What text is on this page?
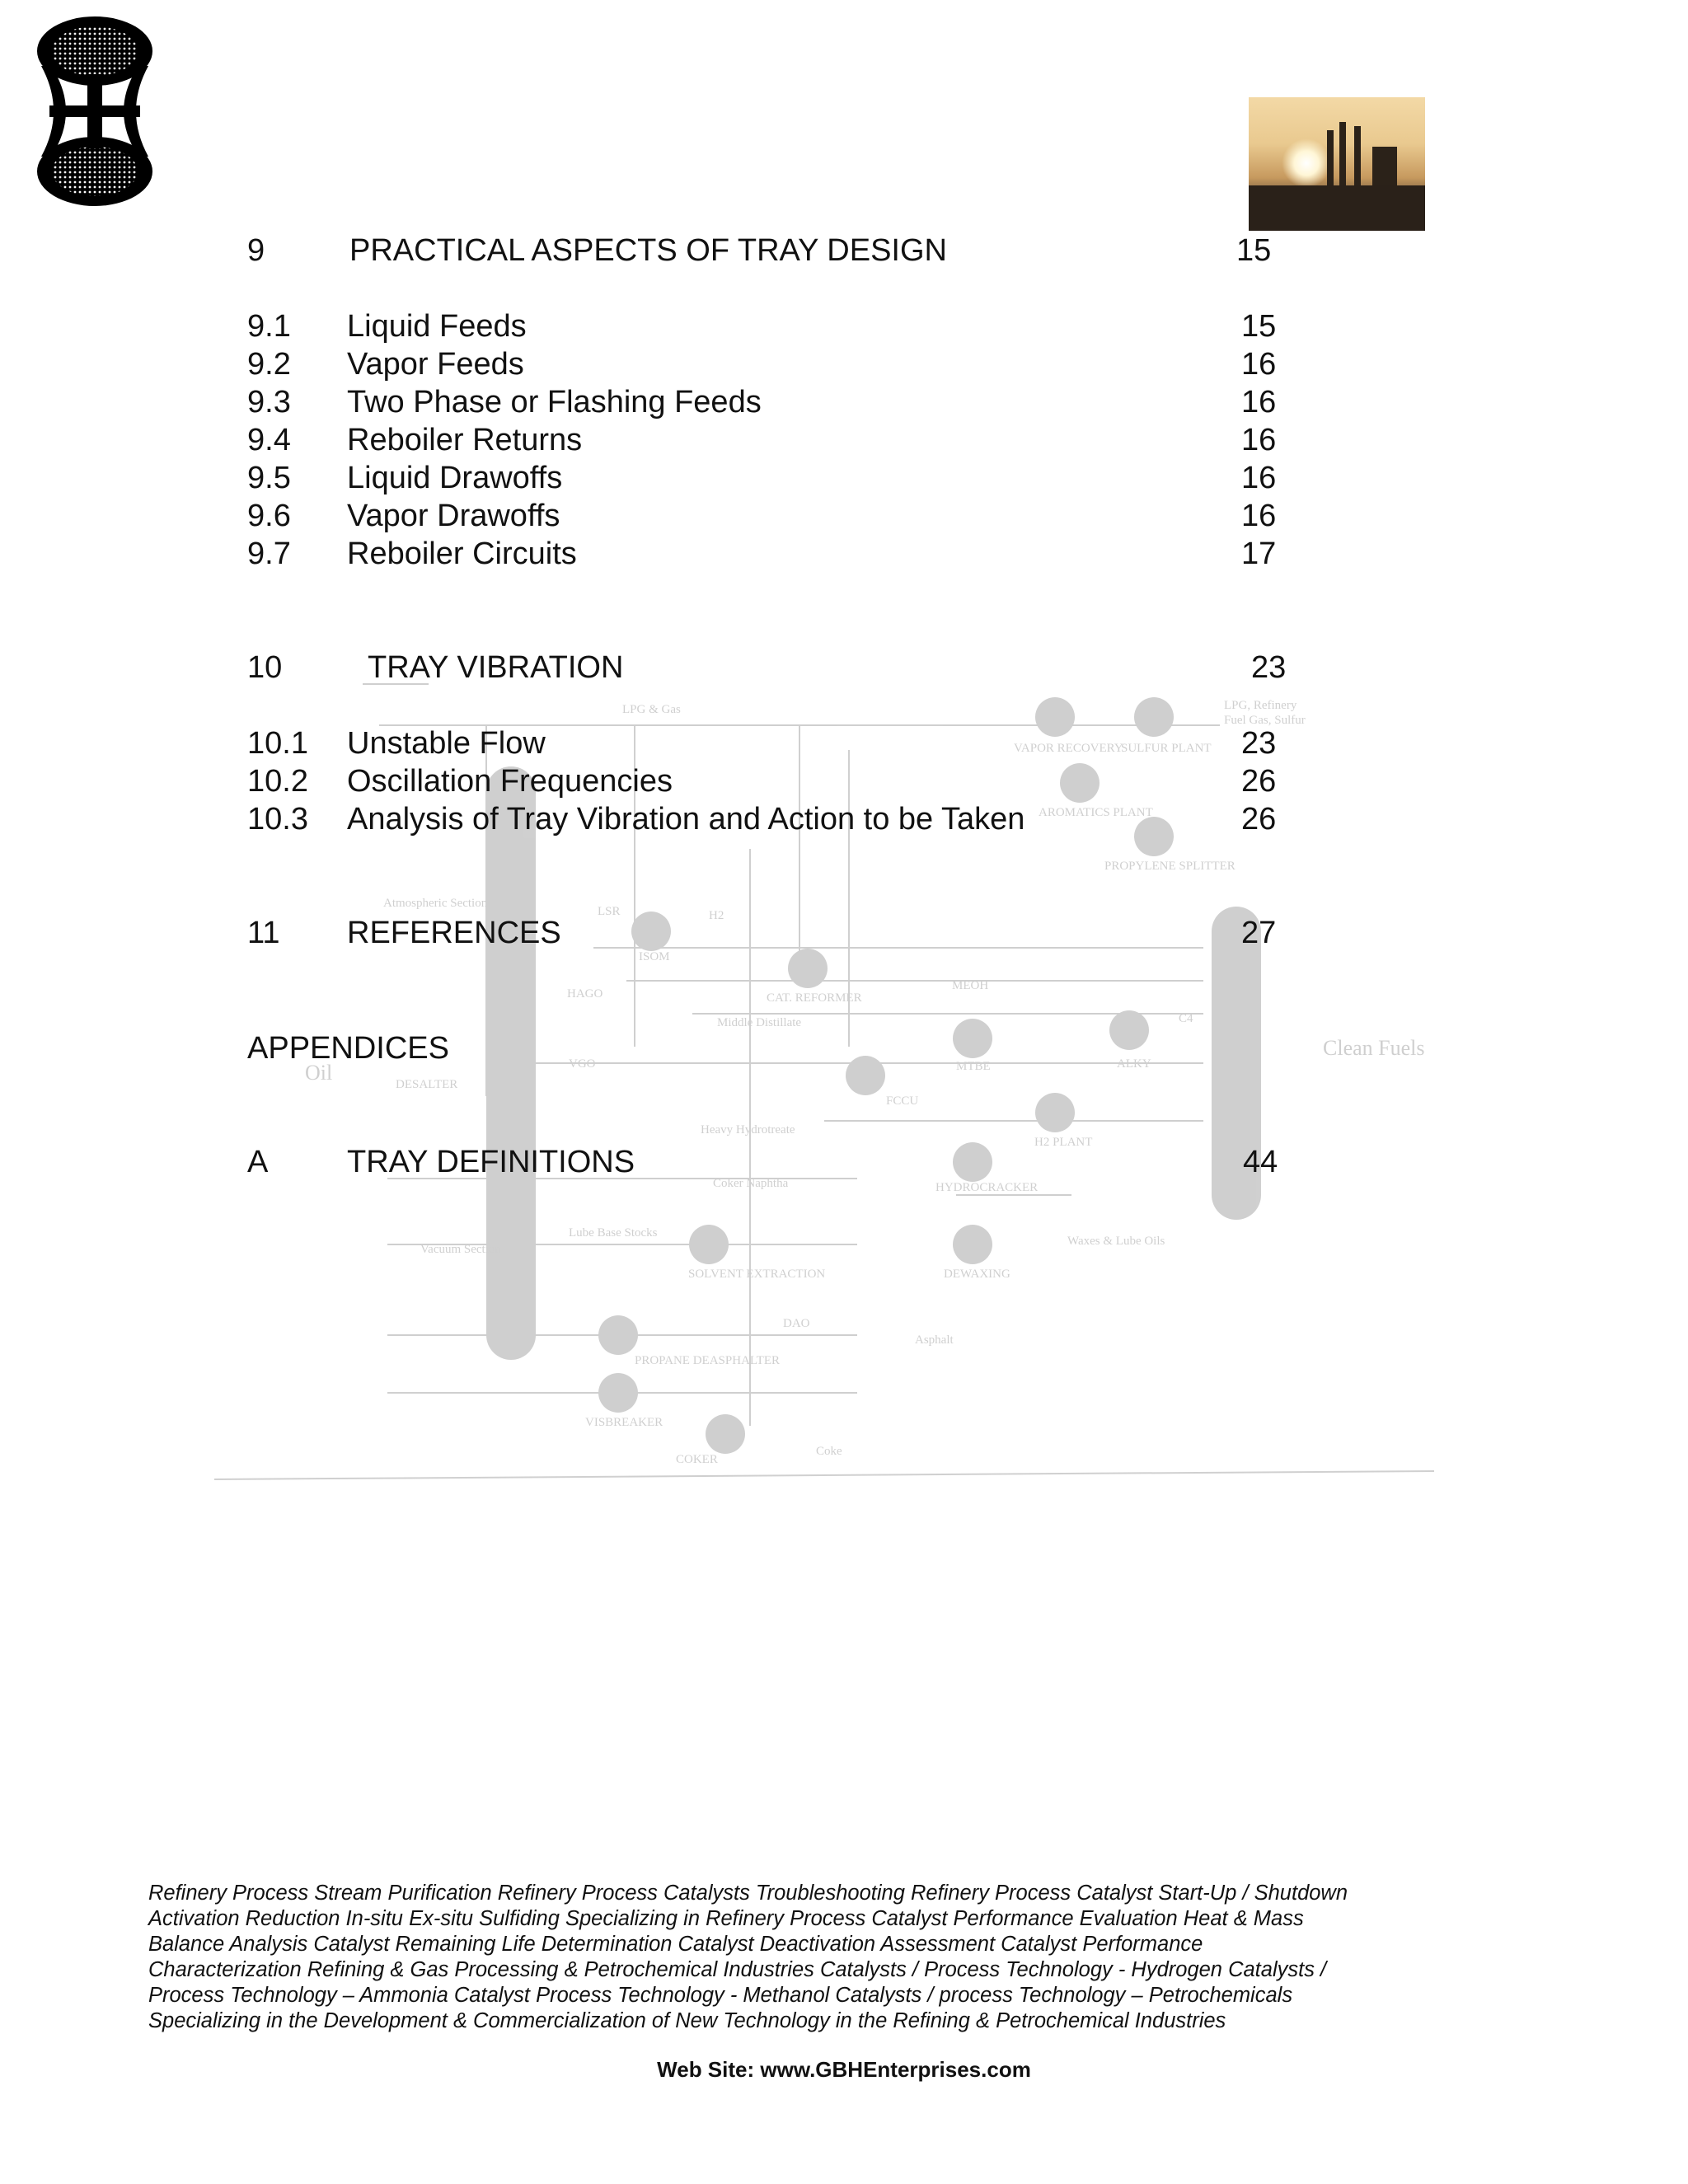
LPG & Gas
VAPOR RECOVERY
SULFUR PLANT
LPG, Refinery
Fuel Gas, Sulfur
AROMATICS PLANT
PROPYLENE SPLITTER
Atmospheric Section
LSR	H2
ISOM
CAT. REFORMER
MEOH
HAGO
Middle Distillate
MTBE	ALKY
C4
Clean Fuels
Oil	DESALTER
VGO
FCCU
Heavy Hydrotreate
H2 PLANT
Coker Naphtha	HYDROCRACKER
Lube Base Stocks
Vacuum Section
SOLVENT EXTRACTION	DEWAXING
Waxes & Lube Oils
DAO
Asphalt
PROPANE DEASPHALTER
VISBREAKER
COKER
Coke
9	PRACTICAL ASPECTS OF TRAY DESIGN	15
9.1 Liquid Feeds	15
9.2 Vapor Feeds	16
9.3 Two Phase or Flashing Feeds	16
9.4 Reboiler Returns	16
9.5 Liquid Drawoffs	16
9.6 Vapor Drawoffs	16
9.7 Reboiler Circuits	17
10	TRAY VIBRATION	23
10.1 Unstable Flow	23
10.2 Oscillation Frequencies	26
10.3 Analysis of Tray Vibration and Action to be Taken	26
11 REFERENCES	27
APPENDICES
A	TRAY DEFINITIONS	44
Refinery Process Stream Purification Refinery Process Catalysts Troubleshooting Refinery Process Catalyst Start-Up / Shutdown
Activation Reduction In-situ Ex-situ Sulfiding Specializing in Refinery Process Catalyst Performance Evaluation Heat & Mass
Balance Analysis Catalyst Remaining Life Determination Catalyst Deactivation Assessment Catalyst Performance
Characterization Refining & Gas Processing & Petrochemical Industries Catalysts / Process Technology - Hydrogen Catalysts /
Process Technology – Ammonia Catalyst Process Technology - Methanol Catalysts / process Technology – Petrochemicals
Specializing in the Development & Commercialization of New Technology in the Refining & Petrochemical Industries
Web Site: www.GBHEnterprises.com
